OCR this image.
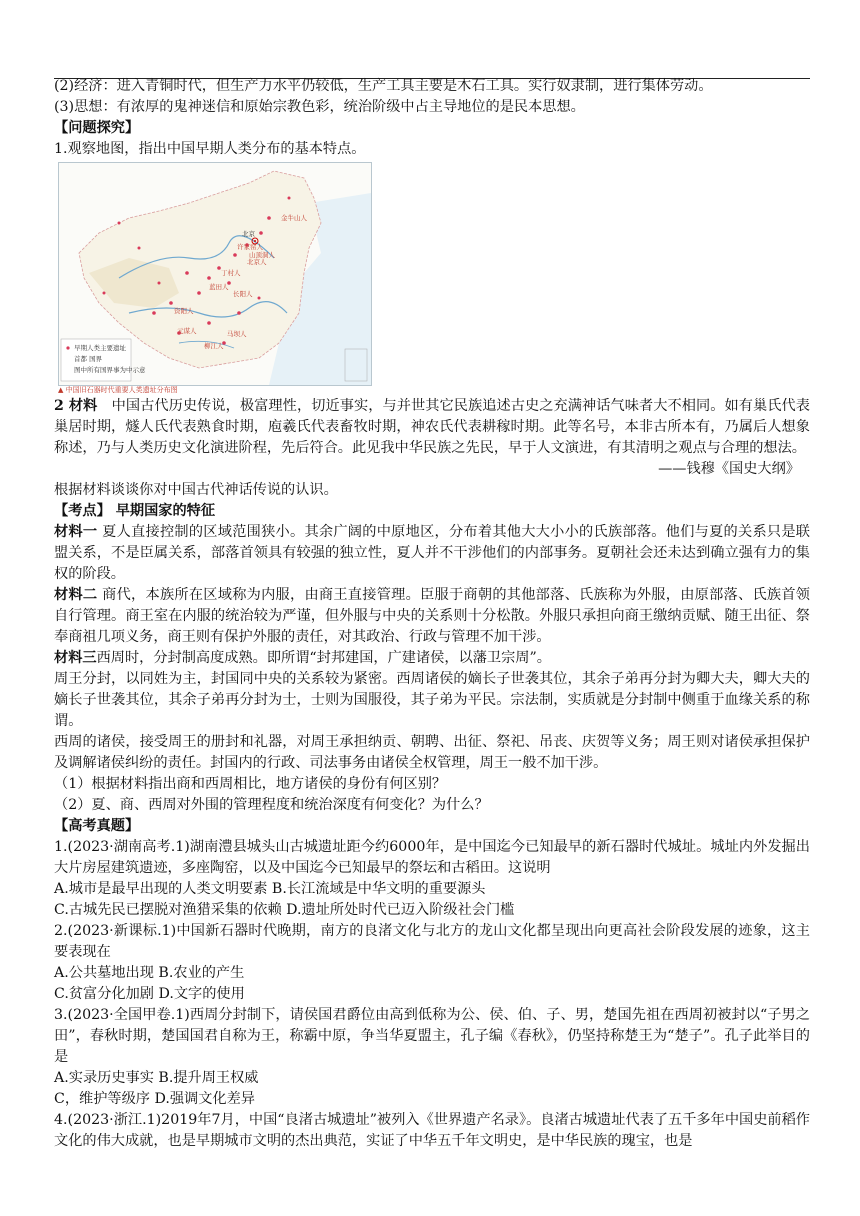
(2)经济：进入青铜时代，但生产力水平仍较低，生产工具主要是木石工具。实行奴隶制，进行集体劳动。

(3)思想：有浓厚的鬼神迷信和原始宗教色彩，统治阶级中占主导地位的是民本思想。

【问题探究】

1.观察地图，指出中国早期人类分布的基本特点。

北京
金牛山人
山顶洞人
北京人
许家窑人
丁村人
蓝田人
元谋人	马坝人
长阳人
柳江人
资阳人
早期人类主要遗址
首都 国界
图中所有国界事为中示意
▲ 中国旧石器时代重要人类遗址分布图

2 材料　中国古代历史传说，极富理性，切近事实，与并世其它民族追述古史之充满神话气味者大不相同。如有巢氏代表巢居时期，燧人氏代表熟食时期，庖羲氏代表畜牧时期，神农氏代表耕稼时期。此等名号，本非古所本有，乃属后人想象称述，乃与人类历史文化演进阶程，先后符合。此见我中华民族之先民，早于人文演进，有其清明之观点与合理的想法。

——钱穆《国史大纲》

根据材料谈谈你对中国古代神话传说的认识。

【考点】 早期国家的特征

材料一 夏人直接控制的区域范围狭小。其余广阔的中原地区，分布着其他大大小小的氏族部落。他们与夏的关系只是联盟关系，不是臣属关系，部落首领具有较强的独立性，夏人并不干涉他们的内部事务。夏朝社会还未达到确立强有力的集权的阶段。

材料二 商代，本族所在区域称为内服，由商王直接管理。臣服于商朝的其他部落、氏族称为外服，由原部落、氏族首领自行管理。商王室在内服的统治较为严谨，但外服与中央的关系则十分松散。外服只承担向商王缴纳贡赋、随王出征、祭奉商祖几项义务，商王则有保护外服的责任，对其政治、行政与管理不加干涉。

材料三西周时，分封制高度成熟。即所谓“封邦建国，广建诸侯，以藩卫宗周”。

周王分封，以同姓为主，封国同中央的关系较为紧密。西周诸侯的嫡长子世袭其位，其余子弟再分封为卿大夫，卿大夫的嫡长子世袭其位，其余子弟再分封为士，士则为国服役，其子弟为平民。宗法制，实质就是分封制中侧重于血缘关系的称谓。

西周的诸侯，接受周王的册封和礼器，对周王承担纳贡、朝聘、出征、祭祀、吊丧、庆贺等义务；周王则对诸侯承担保护及调解诸侯纠纷的责任。封国内的行政、司法事务由诸侯全权管理，周王一般不加干涉。

（1）根据材料指出商和西周相比，地方诸侯的身份有何区别？

（2）夏、商、西周对外围的管理程度和统治深度有何变化？为什么？

【高考真题】

1.(2023·湖南高考.1)湖南澧县城头山古城遗址距今约6000年，是中国迄今已知最早的新石器时代城址。城址内外发掘出大片房屋建筑遗迹，多座陶窑，以及中国迄今已知最早的祭坛和古稻田。这说明

A.城市是最早出现的人类文明要素 B.长江流域是中华文明的重要源头

C.古城先民已摆脱对渔猎采集的依赖 D.遗址所处时代已迈入阶级社会门槛

2.(2023·新课标.1)中国新石器时代晚期，南方的良渚文化与北方的龙山文化都呈现出向更高社会阶段发展的迹象，这主要表现在

A.公共墓地出现 B.农业的产生

C.贫富分化加剧 D.文字的使用

3.(2023·全国甲卷.1)西周分封制下，请侯国君爵位由高到低称为公、侯、伯、子、男，楚国先祖在西周初被封以“子男之田”，春秋时期，楚国国君自称为王，称霸中原，争当华夏盟主，孔子编《春秋》，仍坚持称楚王为“楚子”。孔子此举目的是

A.实录历史事实 B.提升周王权威

C，维护等级序 D.强调文化差异

4.(2023·浙江.1)2019年7月，中国“良渚古城遗址”被列入《世界遗产名录》。良渚古城遗址代表了五千多年中国史前稻作文化的伟大成就，也是早期城市文明的杰出典范，实证了中华五千年文明史，是中华民族的瑰宝，也是
